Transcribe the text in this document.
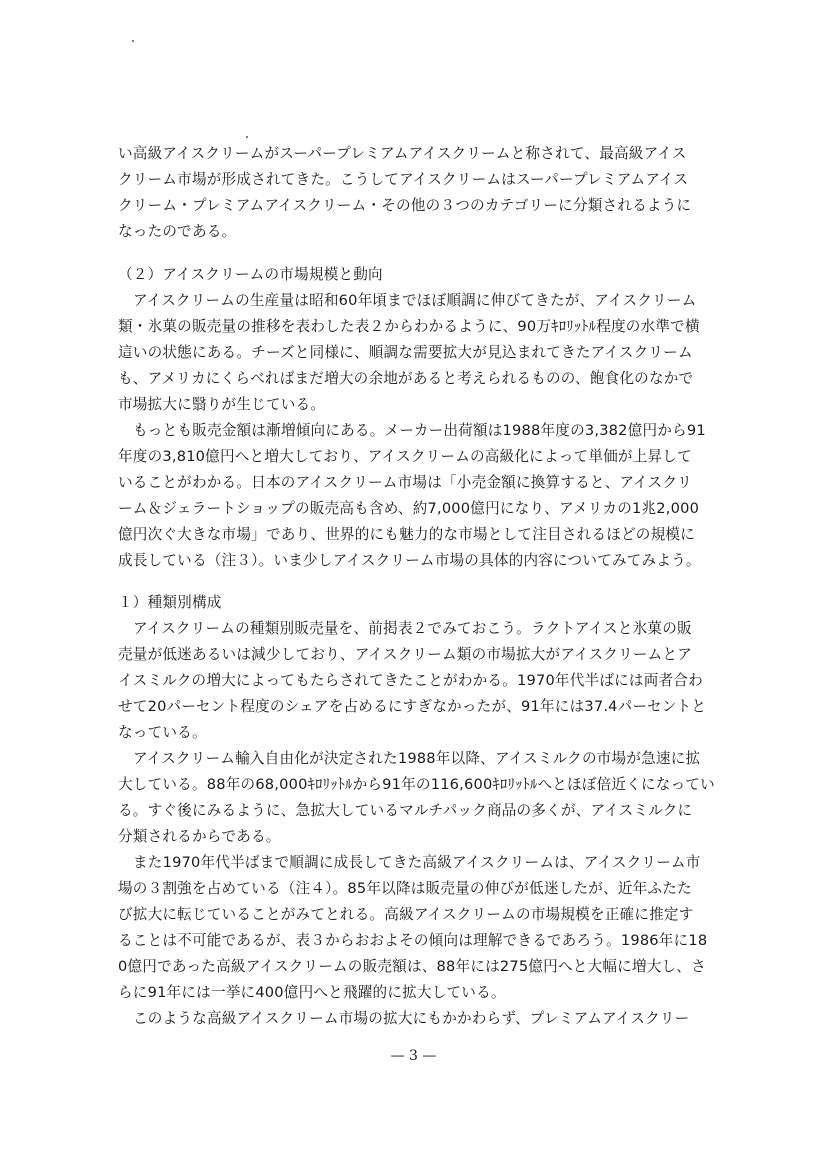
い高級アイスクリームがスーパープレミアムアイスクリームと称されて、最高級アイス
クリーム市場が形成されてきた。こうしてアイスクリームはスーパープレミアムアイス
クリーム・プレミアムアイスクリーム・その他の３つのカテゴリーに分類されるように
なったのである。
（２）アイスクリームの市場規模と動向
アイスクリームの生産量は昭和60年頃までほぼ順調に伸びてきたが、アイスクリーム
類・氷菓の販売量の推移を表わした表２からわかるように、90万ｷﾛﾘｯﾄﾙ程度の水準で横
這いの状態にある。チーズと同様に、順調な需要拡大が見込まれてきたアイスクリーム
も、アメリカにくらべればまだ増大の余地があると考えられるものの、飽食化のなかで
市場拡大に翳りが生じている。
もっとも販売金額は漸増傾向にある。メーカー出荷額は1988年度の3,382億円から91
年度の3,810億円へと増大しており、アイスクリームの高級化によって単価が上昇して
いることがわかる。日本のアイスクリーム市場は「小売金額に換算すると、アイスクリ
ーム＆ジェラートショップの販売高も含め、約7,000億円になり、アメリカの1兆2,000
億円次ぐ大きな市場」であり、世界的にも魅力的な市場として注目されるほどの規模に
成長している（注３）。いま少しアイスクリーム市場の具体的内容についてみてみよう。
１）種類別構成
アイスクリームの種類別販売量を、前掲表２でみておこう。ラクトアイスと氷菓の販
売量が低迷あるいは減少しており、アイスクリーム類の市場拡大がアイスクリームとア
イスミルクの増大によってもたらされてきたことがわかる。1970年代半ばには両者合わ
せて20パーセント程度のシェアを占めるにすぎなかったが、91年には37.4パーセントと
なっている。
アイスクリーム輸入自由化が決定された1988年以降、アイスミルクの市場が急速に拡
大している。88年の68,000ｷﾛﾘｯﾄﾙから91年の116,600ｷﾛﾘｯﾄﾙへとほぼ倍近くになってい
る。すぐ後にみるように、急拡大しているマルチパック商品の多くが、アイスミルクに
分類されるからである。
また1970年代半ばまで順調に成長してきた高級アイスクリームは、アイスクリーム市
場の３割強を占めている（注４）。85年以降は販売量の伸びが低迷したが、近年ふたた
び拡大に転じていることがみてとれる。高級アイスクリームの市場規模を正確に推定す
ることは不可能であるが、表３からおおよその傾向は理解できるであろう。1986年に18
0億円であった高級アイスクリームの販売額は、88年には275億円へと大幅に増大し、さ
らに91年には一挙に400億円へと飛躍的に拡大している。
このような高級アイスクリーム市場の拡大にもかかわらず、プレミアムアイスクリー
— 3 —
